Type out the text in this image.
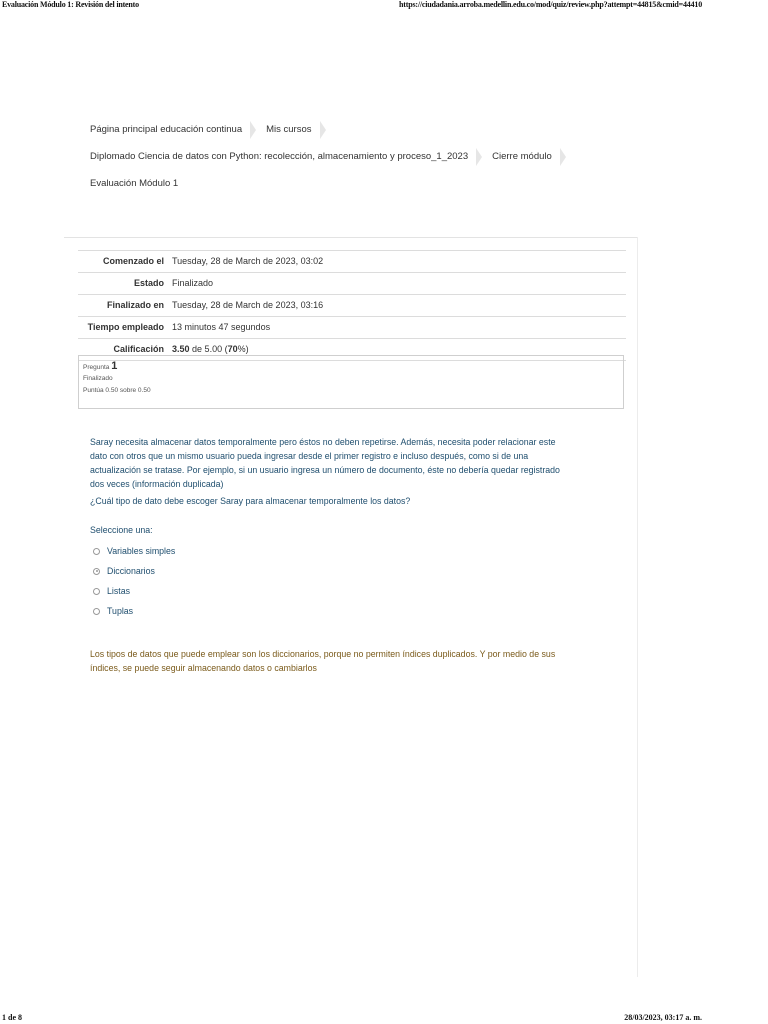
Evaluación Módulo 1: Revisión del intento	https://ciudadania.arroba.medellin.edu.co/mod/quiz/review.php?attempt=44815&cmid=44410
Página principal educación continua	Mis cursos
Diplomado Ciencia de datos con Python: recolección, almacenamiento y proceso_1_2023	Cierre módulo
Evaluación Módulo 1
Comenzado el	Tuesday, 28 de March de 2023, 03:02
Estado	Finalizado
Finalizado en	Tuesday, 28 de March de 2023, 03:16
Tiempo empleado	13 minutos 47 segundos
Calificación	3.50 de 5.00 (70%)
Pregunta 1
Finalizado
Puntúa 0.50 sobre 0.50

Saray necesita almacenar datos temporalmente pero éstos no deben repetirse. Además, necesita poder relacionar este dato con otros que un mismo usuario pueda ingresar desde el primer registro e incluso después, como si de una actualización se tratase. Por ejemplo, si un usuario ingresa un número de documento, éste no debería quedar registrado dos veces (información duplicada)

¿Cuál tipo de dato debe escoger Saray para almacenar temporalmente los datos?

Seleccione una:
Variables simples
Diccionarios
Listas
Tuplas
Los tipos de datos que puede emplear son los diccionarios, porque no permiten índices duplicados. Y por medio de sus índices, se puede seguir almacenando datos o cambiarlos
1 de 8	28/03/2023, 03:17 a. m.
